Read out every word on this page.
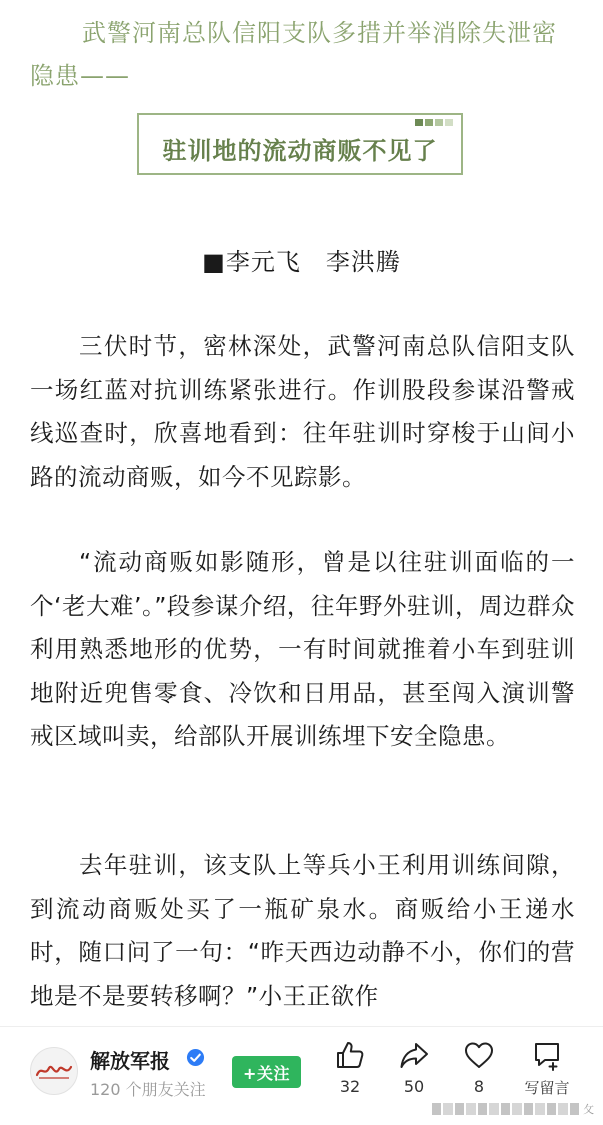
武警河南总队信阳支队多措并举消除失泄密隐患——
驻训地的流动商贩不见了
■李元飞　李洪腾

三伏时节，密林深处，武警河南总队信阳支队一场红蓝对抗训练紧张进行。作训股段参谋沿警戒线巡查时，欣喜地看到：往年驻训时穿梭于山间小路的流动商贩，如今不见踪影。

“流动商贩如影随形，曾是以往驻训面临的一个‘老大难’。”段参谋介绍，往年野外驻训，周边群众利用熟悉地形的优势，一有时间就推着小车到驻训地附近兜售零食、冷饮和日用品，甚至闯入演训警戒区域叫卖，给部队开展训练埋下安全隐患。

去年驻训，该支队上等兵小王利用训练间隙，到流动商贩处买了一瓶矿泉水。商贩给小王递水时，随口问了一句：“昨天西边动静不小，你们的营地是不是要转移啊？”小王正欲作

解放军报
120 个朋友关注
+关注
32	50	8	写留言
攵
